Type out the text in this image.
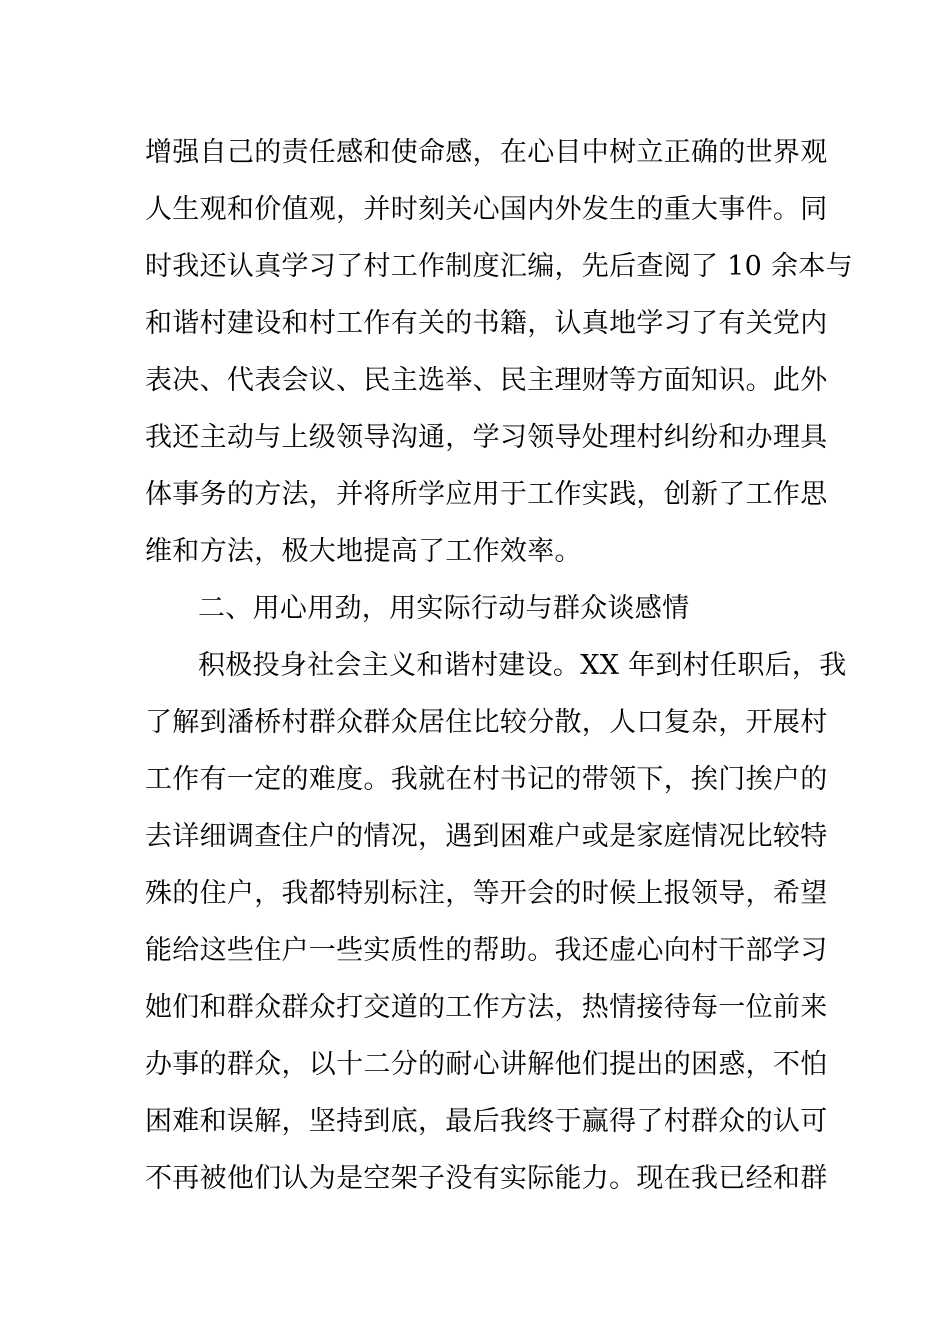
增强自己的责任感和使命感，在心目中树立正确的世界观
人生观和价值观，并时刻关心国内外发生的重大事件。同
时我还认真学习了村工作制度汇编，先后查阅了 10 余本与
和谐村建设和村工作有关的书籍，认真地学习了有关党内
表决、代表会议、民主选举、民主理财等方面知识。此外
我还主动与上级领导沟通，学习领导处理村纠纷和办理具
体事务的方法，并将所学应用于工作实践，创新了工作思
维和方法，极大地提高了工作效率。
二、用心用劲，用实际行动与群众谈感情
积极投身社会主义和谐村建设。XX 年到村任职后，我
了解到潘桥村群众群众居住比较分散，人口复杂，开展村
工作有一定的难度。我就在村书记的带领下，挨门挨户的
去详细调查住户的情况，遇到困难户或是家庭情况比较特
殊的住户，我都特别标注，等开会的时候上报领导，希望
能给这些住户一些实质性的帮助。我还虚心向村干部学习
她们和群众群众打交道的工作方法，热情接待每一位前来
办事的群众，以十二分的耐心讲解他们提出的困惑，不怕
困难和误解，坚持到底，最后我终于赢得了村群众的认可
不再被他们认为是空架子没有实际能力。现在我已经和群
